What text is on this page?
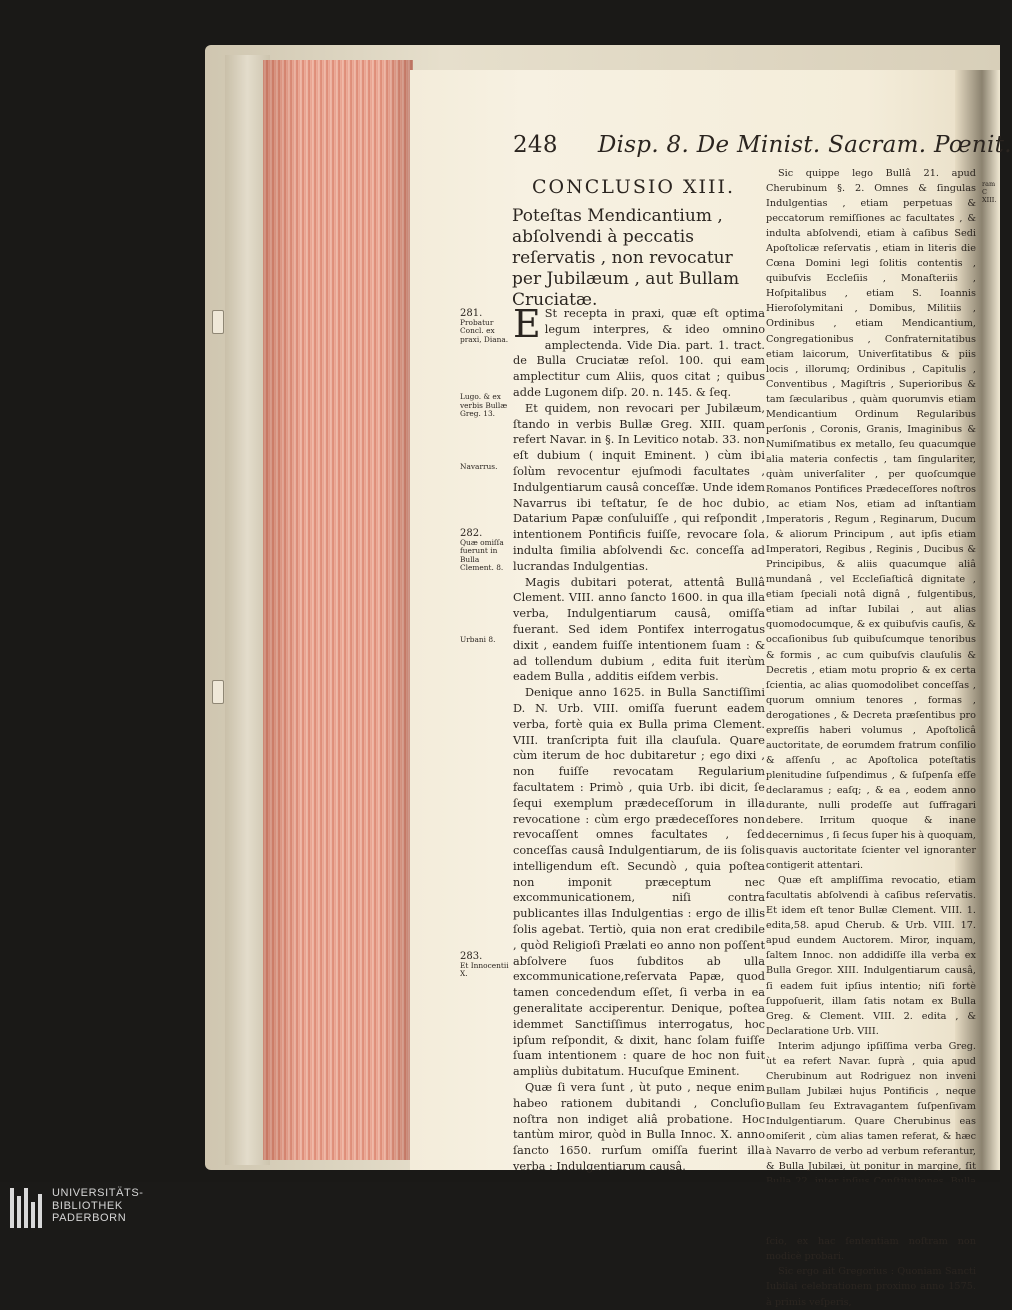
ram C XIII.
248 Disp. 8. De Minist. Sacram. Pœnit.
CONCLUSIO XIII.
Poteſtas Mendicantium , abſolvendi à peccatis reſervatis , non revocatur per Jubilæum , aut Bullam Cruciatæ.
281.
Probatur Concl. ex praxi, Diana.
Lugo. & ex verbis Bullæ Greg. 13.
Navarrus.
282.
Quæ omiſſa fuerunt in Bulla Clement. 8.
Urbani 8.
283.
Et Innocentii X.

E St recepta in praxi, quæ eſt optima legum interpres, & ideo omnino amplectenda. Vide Dia. part. 1. tract. de Bulla Cruciatæ reſol. 100. qui eam amplectitur cum Aliis, quos citat ; quibus adde Lugonem diſp. 20. n. 145. & ſeq.

Et quidem, non revocari per Jubilæum, ſtando in verbis Bullæ Greg. XIII. quam refert Navar. in §. In Levitico notab. 33. non eſt dubium ( inquit Eminent. ) cùm ibi ſolùm revocentur ejuſmodi facultates , Indulgentiarum causâ conceſſæ. Unde idem Navarrus ibi teſtatur, ſe de hoc dubio Datarium Papæ conſuluiſſe , qui reſpondit , intentionem Pontificis fuiſſe, revocare ſola indulta ſimilia abſolvendi &c. conceſſa ad lucrandas Indulgentias.

Magis dubitari poterat, attentâ Bullâ Clement. VIII. anno ſancto 1600. in qua illa verba, Indulgentiarum causâ, omiſſa fuerant. Sed idem Pontifex interrogatus dixit , eandem fuiſſe intentionem ſuam : & ad tollendum dubium , edita fuit iterùm eadem Bulla , additis eiſdem verbis.

Denique anno 1625. in Bulla Sanctiſſimi D. N. Urb. VIII. omiſſa fuerunt eadem verba, fortè quia ex Bulla prima Clement. VIII. tranſcripta fuit illa clauſula. Quare cùm iterum de hoc dubitaretur ; ego dixi , non fuiſſe revocatam Regularium facultatem : Primò , quia Urb. ibi dicit, ſe ſequi exemplum prædeceſſorum in illa revocatione : cùm ergo prædeceſſores non revocaſſent omnes facultates , ſed conceſſas causâ Indulgentiarum, de iis ſolis intelligendum eſt. Secundò , quia poſtea non imponit præceptum nec excommunicationem, niſi contra publicantes illas Indulgentias : ergo de illis ſolis agebat. Tertiò, quia non erat credibile , quòd Religioſi Prælati eo anno non poſſent abſolvere ſuos ſubditos ab ulla excommunicatione,reſervata Papæ, quod tamen concedendum eſſet, ſi verba in ea generalitate acciperentur. Denique, poſtea idemmet Sanctiſſimus interrogatus, hoc ipſum reſpondit, & dixit, hanc ſolam fuiſſe ſuam intentionem : quare de hoc non fuit ampliùs dubitatum. Hucuſque Eminent.

Quæ ſi vera ſunt , ùt puto , neque enim habeo rationem dubitandi , Concluſio noſtra non indiget aliâ probatione. Hoc tantùm miror, quòd in Bulla Innoc. X. anno ſancto 1650. rurſum omiſſa fuerint illa verba : Indulgentiarum causâ.

Sic quippe lego Bullâ 21. apud Cherubinum §. 2. Omnes & ſingulas Indulgentias , etiam perpetuas & peccatorum remiſſiones ac facultates , & indulta abſolvendi, etiam à caſibus Sedi Apoſtolicæ reſervatis , etiam in literis die Cœna Domini legi ſolitis contentis , quibuſvis Eccleſiis , Monaſteriis , Hoſpitalibus , etiam S. Ioannis Hieroſolymitani , Domibus, Militiis , Ordinibus , etiam Mendicantium, Congregationibus , Confraternitatibus etiam laicorum, Univerſitatibus & piis locis , illorumq; Ordinibus , Capitulis , Conventibus , Magiſtris , Superioribus & tam ſæcularibus , quàm quorumvis etiam Mendicantium Ordinum Regularibus perſonis , Coronis, Granis, Imaginibus & Numiſmatibus ex metallo, ſeu quacumque alia materia confectis , tam ſingulariter, quàm univerſaliter , per quoſcumque Romanos Pontifices Prædeceſſores noſtros , ac etiam Nos, etiam ad inſtantiam Imperatoris , Regum , Reginarum, Ducum , & aliorum Principum , aut ipſis etiam Imperatori, Regibus , Reginis , Ducibus & Principibus, & aliis quacumque aliâ mundanâ , vel Eccleſiaſticâ dignitate , etiam ſpeciali notâ dignâ , fulgentibus, etiam ad inſtar Iubilai , aut alias quomodocumque, & ex quibuſvis cauſis, & occaſionibus ſub quibuſcumque tenoribus & formis , ac cum quibuſvis clauſulis & Decretis , etiam motu proprio & ex certa ſcientia, ac alias quomodolibet conceſſas , quorum omnium tenores , formas , derogationes , & Decreta præſentibus pro expreſſis haberi volumus , Apoſtolicâ auctoritate, de eorumdem fratrum conſilio & aſſenſu , ac Apoſtolica poteſtatis plenitudine ſuſpendimus , & ſuſpenſa eſſe declaramus ; eaſq; , & ea , eodem anno durante, nulli prodeſſe aut ſuffragari debere. Irritum quoque & inane decernimus , ſi ſecus ſuper his à quoquam, quavis auctoritate ſcienter vel ignoranter contigerit attentari.

Quæ eſt ampliſſima revocatio, etiam facultatis abſolvendi à caſibus reſervatis. Et idem eſt tenor Bullæ Clement. VIII. 1. edita,58. apud Cherub. & Urb. VIII. 17. apud eundem Auctorem. Miror, inquam, ſaltem Innoc. non addidiſſe illa verba ex Bulla Gregor. XIII. Indulgentiarum causâ, ſi eadem fuit ipſius intentio; niſi fortè ſuppoſuerit, illam ſatis notam ex Bulla Greg. & Clement. VIII. 2. edita , & Declaratione Urb. VIII.

Interim adjungo ipſiſſima verba Greg. ùt ea refert Navar. ſuprà , quia apud Cherubinum aut Rodriguez non inveni Bullam Jubilæi hujus Pontificis , neque Bullam ſeu Extravagantem ſuſpenſivam Indulgentiarum. Quare Cherubinus eas omiſerit , cùm alias tamen referat, & hæc à Navarro de verbo ad verbum referantur, & Bulla Jubilæi, ùt ponitur in margine, ſit ſcio, ex hac ſententiam noſtram non modicè probari.

Sic ergo ait Gregorius : Quoniam Sancti Iubilai celebrationem proximo anno 1575. à primis veſperis,

UNIVERSITÄTS-
BIBLIOTHEK
PADERBORN
